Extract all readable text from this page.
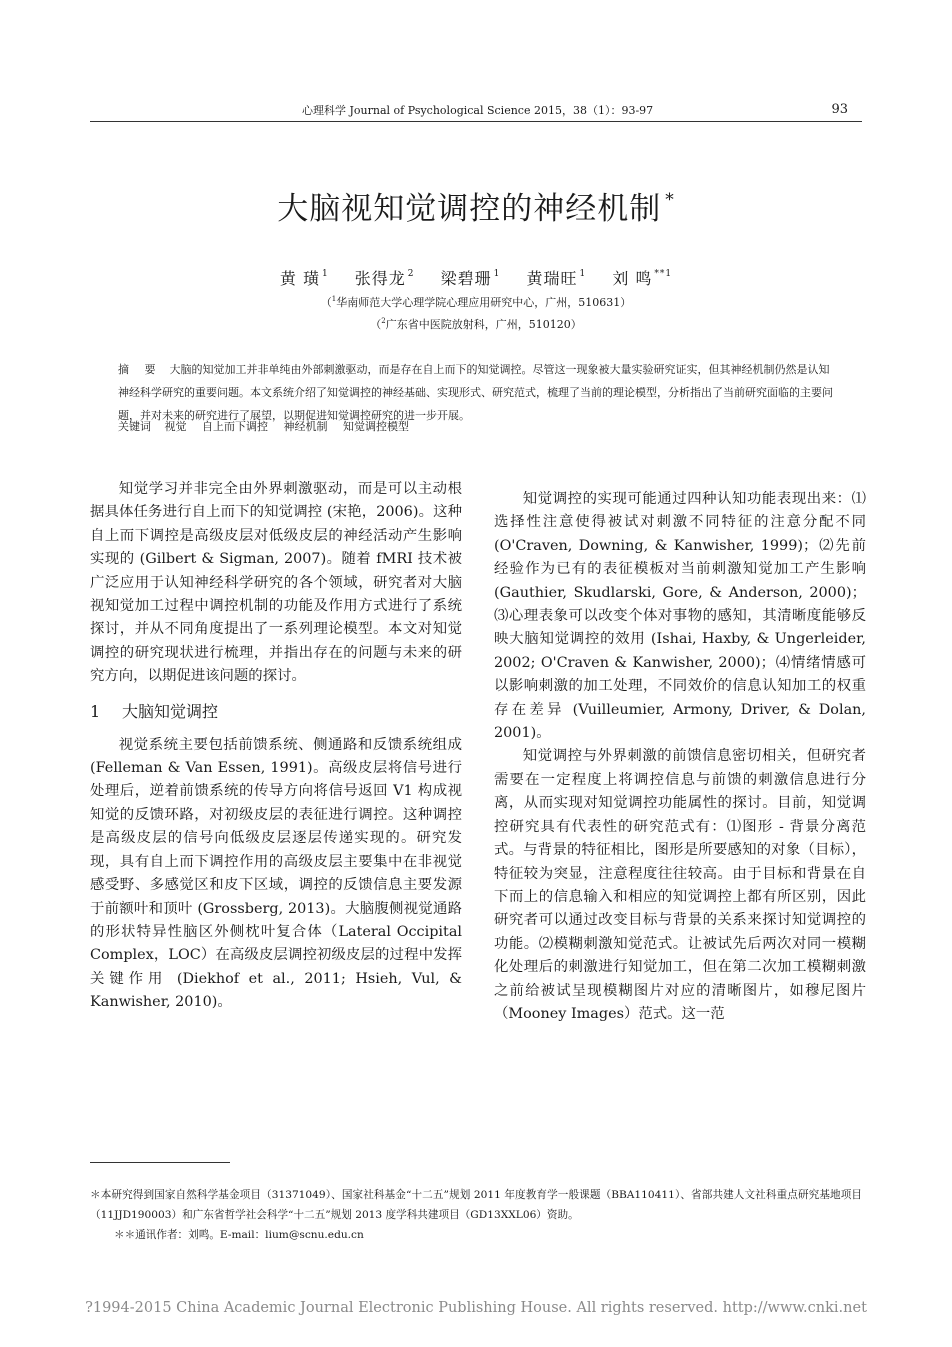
心理科学 Journal of Psychological Science 2015，38（1）：93-97	93
大脑视知觉调控的神经机制 *
黄 璜 $^1$ 张得龙 $^2$ 梁碧珊 $^1$ 黄瑞旺 $^1$ 刘 鸣 $^{**1}$
（$^1$华南师范大学心理学院心理应用研究中心，广州，510631）
（$^2$广东省中医院放射科，广州，510120）
摘 要 大脑的知觉加工并非单纯由外部刺激驱动，而是存在自上而下的知觉调控。尽管这一现象被大量实验研究证实，但其神经机制仍然是认知神经科学研究的重要问题。本文系统介绍了知觉调控的神经基础、实现形式、研究范式，梳理了当前的理论模型，分析指出了当前研究面临的主要问题，并对未来的研究进行了展望，以期促进知觉调控研究的进一步开展。
关键词 视觉 自上而下调控 神经机制 知觉调控模型

知觉学习并非完全由外界刺激驱动，而是可以主动根据具体任务进行自上而下的知觉调控 (宋艳，2006)。这种自上而下调控是高级皮层对低级皮层的神经活动产生影响实现的 (Gilbert & Sigman, 2007)。随着 fMRI 技术被广泛应用于认知神经科学研究的各个领域，研究者对大脑视知觉加工过程中调控机制的功能及作用方式进行了系统探讨，并从不同角度提出了一系列理论模型。本文对知觉调控的研究现状进行梳理，并指出存在的问题与未来的研究方向，以期促进该问题的探讨。

1 大脑知觉调控

视觉系统主要包括前馈系统、侧通路和反馈系统组成 (Felleman & Van Essen, 1991)。高级皮层将信号进行处理后，逆着前馈系统的传导方向将信号返回 V1 构成视知觉的反馈环路，对初级皮层的表征进行调控。这种调控是高级皮层的信号向低级皮层逐层传递实现的。研究发现，具有自上而下调控作用的高级皮层主要集中在非视觉感受野、多感觉区和皮下区域，调控的反馈信息主要发源于前额叶和顶叶 (Grossberg, 2013)。大脑腹侧视觉通路的形状特异性脑区外侧枕叶复合体（Lateral Occipital Complex，LOC）在高级皮层调控初级皮层的过程中发挥关键作用 (Diekhof et al., 2011; Hsieh, Vul, & Kanwisher, 2010)。

知觉调控的实现可能通过四种认知功能表现出来：⑴选择性注意使得被试对刺激不同特征的注意分配不同 (O'Craven, Downing, & Kanwisher, 1999)；⑵先前经验作为已有的表征模板对当前刺激知觉加工产生影响 (Gauthier, Skudlarski, Gore, & Anderson, 2000)；⑶心理表象可以改变个体对事物的感知，其清晰度能够反映大脑知觉调控的效用 (Ishai, Haxby, & Ungerleider, 2002; O'Craven & Kanwisher, 2000)；⑷情绪情感可以影响刺激的加工处理，不同效价的信息认知加工的权重存在差异 (Vuilleumier, Armony, Driver, & Dolan, 2001)。

知觉调控与外界刺激的前馈信息密切相关，但研究者需要在一定程度上将调控信息与前馈的刺激信息进行分离，从而实现对知觉调控功能属性的探讨。目前，知觉调控研究具有代表性的研究范式有：⑴图形 - 背景分离范式。与背景的特征相比，图形是所要感知的对象（目标），特征较为突显，注意程度往往较高。由于目标和背景在自下而上的信息输入和相应的知觉调控上都有所区别，因此研究者可以通过改变目标与背景的关系来探讨知觉调控的功能。⑵模糊刺激知觉范式。让被试先后两次对同一模糊化处理后的刺激进行知觉加工，但在第二次加工模糊刺激之前给被试呈现模糊图片对应的清晰图片，如穆尼图片（Mooney Images）范式。这一范

＊本研究得到国家自然科学基金项目（31371049）、国家社科基金“十二五”规划 2011 年度教育学一般课题（BBA110411）、省部共建人文社科重点研究基地项目（11JJD190003）和广东省哲学社会科学“十二五”规划 2013 度学科共建项目（GD13XXL06）资助。

＊＊通讯作者：刘鸣。E-mail：lium@scnu.edu.cn

?1994-2015 China Academic Journal Electronic Publishing House. All rights reserved. http://www.cnki.net
